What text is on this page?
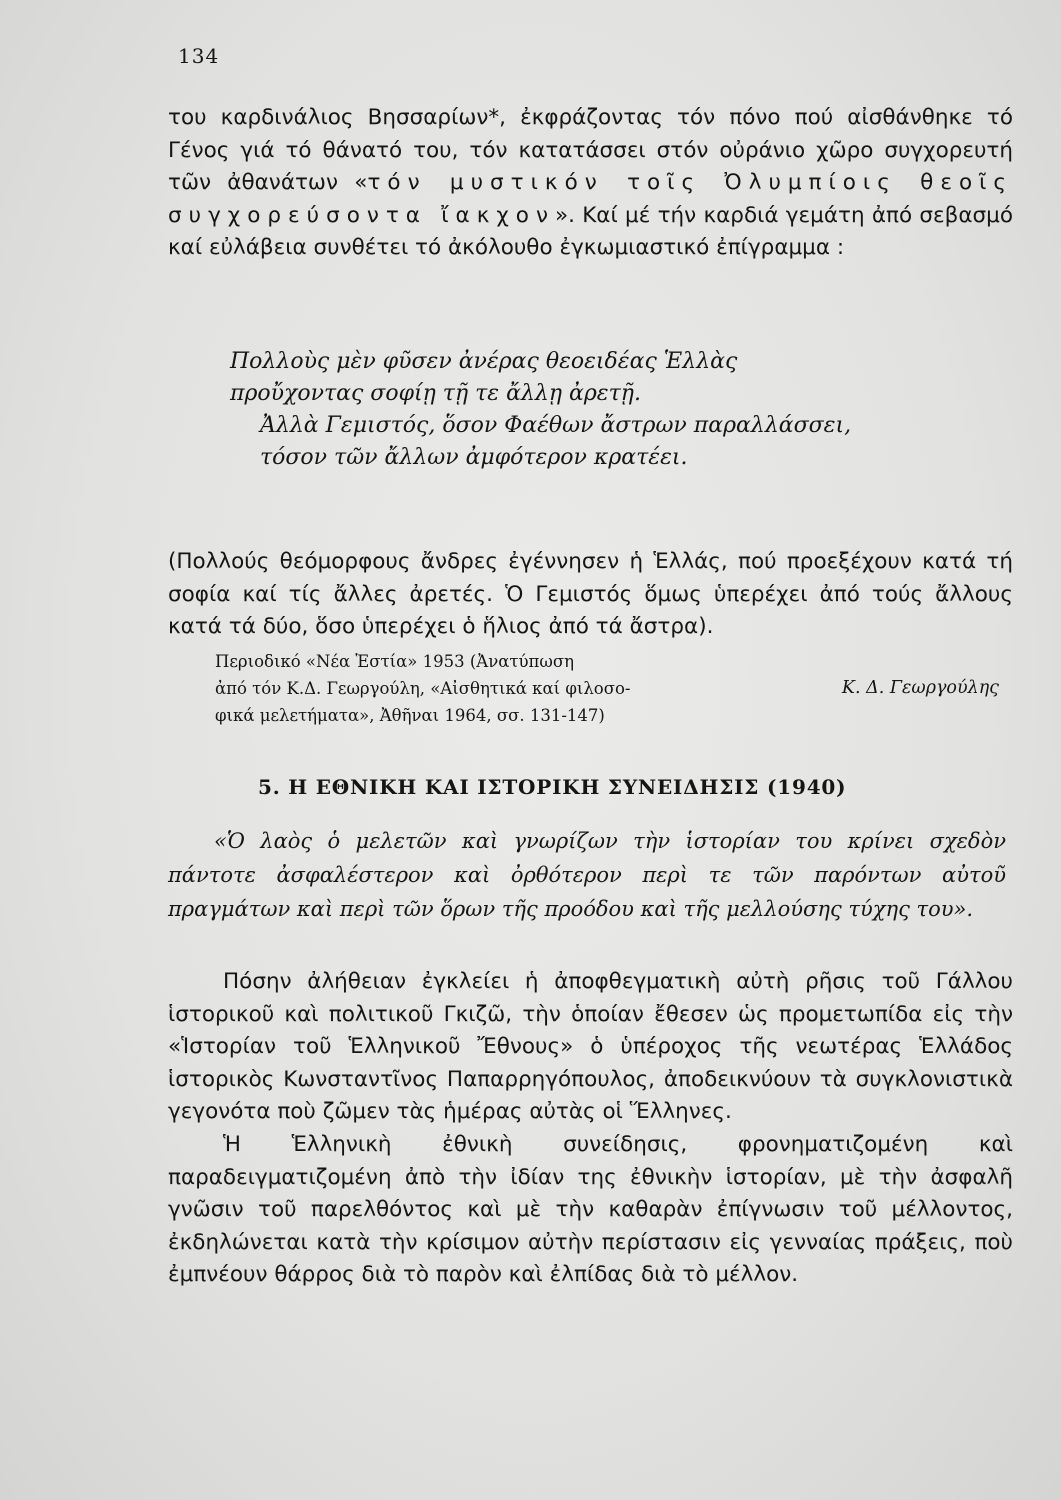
134
του καρδινάλιος Βησσαρίων*, ἐκφράζοντας τόν πόνο πού αἰσθάνθηκε τό Γένος γιά τό θάνατό του, τόν κατατάσσει στόν οὐράνιο χῶρο συγχορευτή τῶν ἀθανάτων «τόν μυστικόν τοῖς Ὀλυμπίοις θεοῖς συγχορεύσοντα ἴακχον». Καί μέ τήν καρδιά γεμάτη ἀπό σεβασμό καί εὐλάβεια συνθέτει τό ἀκόλουθο ἐγκωμιαστικό ἐπίγραμμα :
Πολλοὺς μὲν φῦσεν ἀνέρας θεοειδέας Ἑλλὰς
προὔχοντας σοφίῃ τῇ τε ἄλλῃ ἀρετῇ.
Ἀλλὰ Γεμιστός, ὅσον Φαέθων ἄστρων παραλλάσσει,
τόσον τῶν ἄλλων ἀμφότερον κρατέει.
(Πολλούς θεόμορφους ἄνδρες ἐγέννησεν ἡ Ἑλλάς, πού προεξέχουν κατά τή σοφία καί τίς ἄλλες ἀρετές. Ὁ Γεμιστός ὅμως ὑπερέχει ἀπό τούς ἄλλους κατά τά δύο, ὅσο ὑπερέχει ὁ ἥλιος ἀπό τά ἄστρα).
Περιοδικό «Νέα Ἑστία» 1953 (Ἀνατύπωση
ἀπό τόν Κ.Δ. Γεωργούλη, «Αἰσθητικά καί φιλοσο-
φικά μελετήματα», Ἀθῆναι 1964, σσ. 131-147)
Κ. Δ. Γεωργούλης
5. Η ΕΘΝΙΚΗ ΚΑΙ ΙΣΤΟΡΙΚΗ ΣΥΝΕΙΔΗΣΙΣ (1940)
«Ὁ λαὸς ὁ μελετῶν καὶ γνωρίζων τὴν ἱστορίαν του κρίνει σχεδὸν πάντοτε ἀσφαλέστερον καὶ ὀρθότερον περὶ τε τῶν παρόντων αὐτοῦ πραγμάτων καὶ περὶ τῶν ὅρων τῆς προόδου καὶ τῆς μελλούσης τύχης του».

Πόσην ἀλήθειαν ἐγκλείει ἡ ἀποφθεγματικὴ αὐτὴ ρῆσις τοῦ Γάλλου ἱστορικοῦ καὶ πολιτικοῦ Γκιζῶ, τὴν ὁποίαν ἔθεσεν ὡς προμετωπίδα εἰς τὴν «Ἱστορίαν τοῦ Ἑλληνικοῦ Ἔθνους» ὁ ὑπέροχος τῆς νεωτέρας Ἑλλάδος ἱστορικὸς Κωνσταντῖνος Παπαρρηγόπουλος, ἀποδεικνύουν τὰ συγκλονιστικὰ γεγονότα ποὺ ζῶμεν τὰς ἡμέρας αὐτὰς οἱ Ἕλληνες.

Ἡ Ἑλληνικὴ ἐθνικὴ συνείδησις, φρονηματιζομένη καὶ παραδειγματιζομένη ἀπὸ τὴν ἰδίαν της ἐθνικὴν ἱστορίαν, μὲ τὴν ἀσφαλῆ γνῶσιν τοῦ παρελθόντος καὶ μὲ τὴν καθαρὰν ἐπίγνωσιν τοῦ μέλλοντος, ἐκδηλώνεται κατὰ τὴν κρίσιμον αὐτὴν περίστασιν εἰς γενναίας πράξεις, ποὺ ἐμπνέουν θάρρος διὰ τὸ παρὸν καὶ ἐλπίδας διὰ τὸ μέλλον.
